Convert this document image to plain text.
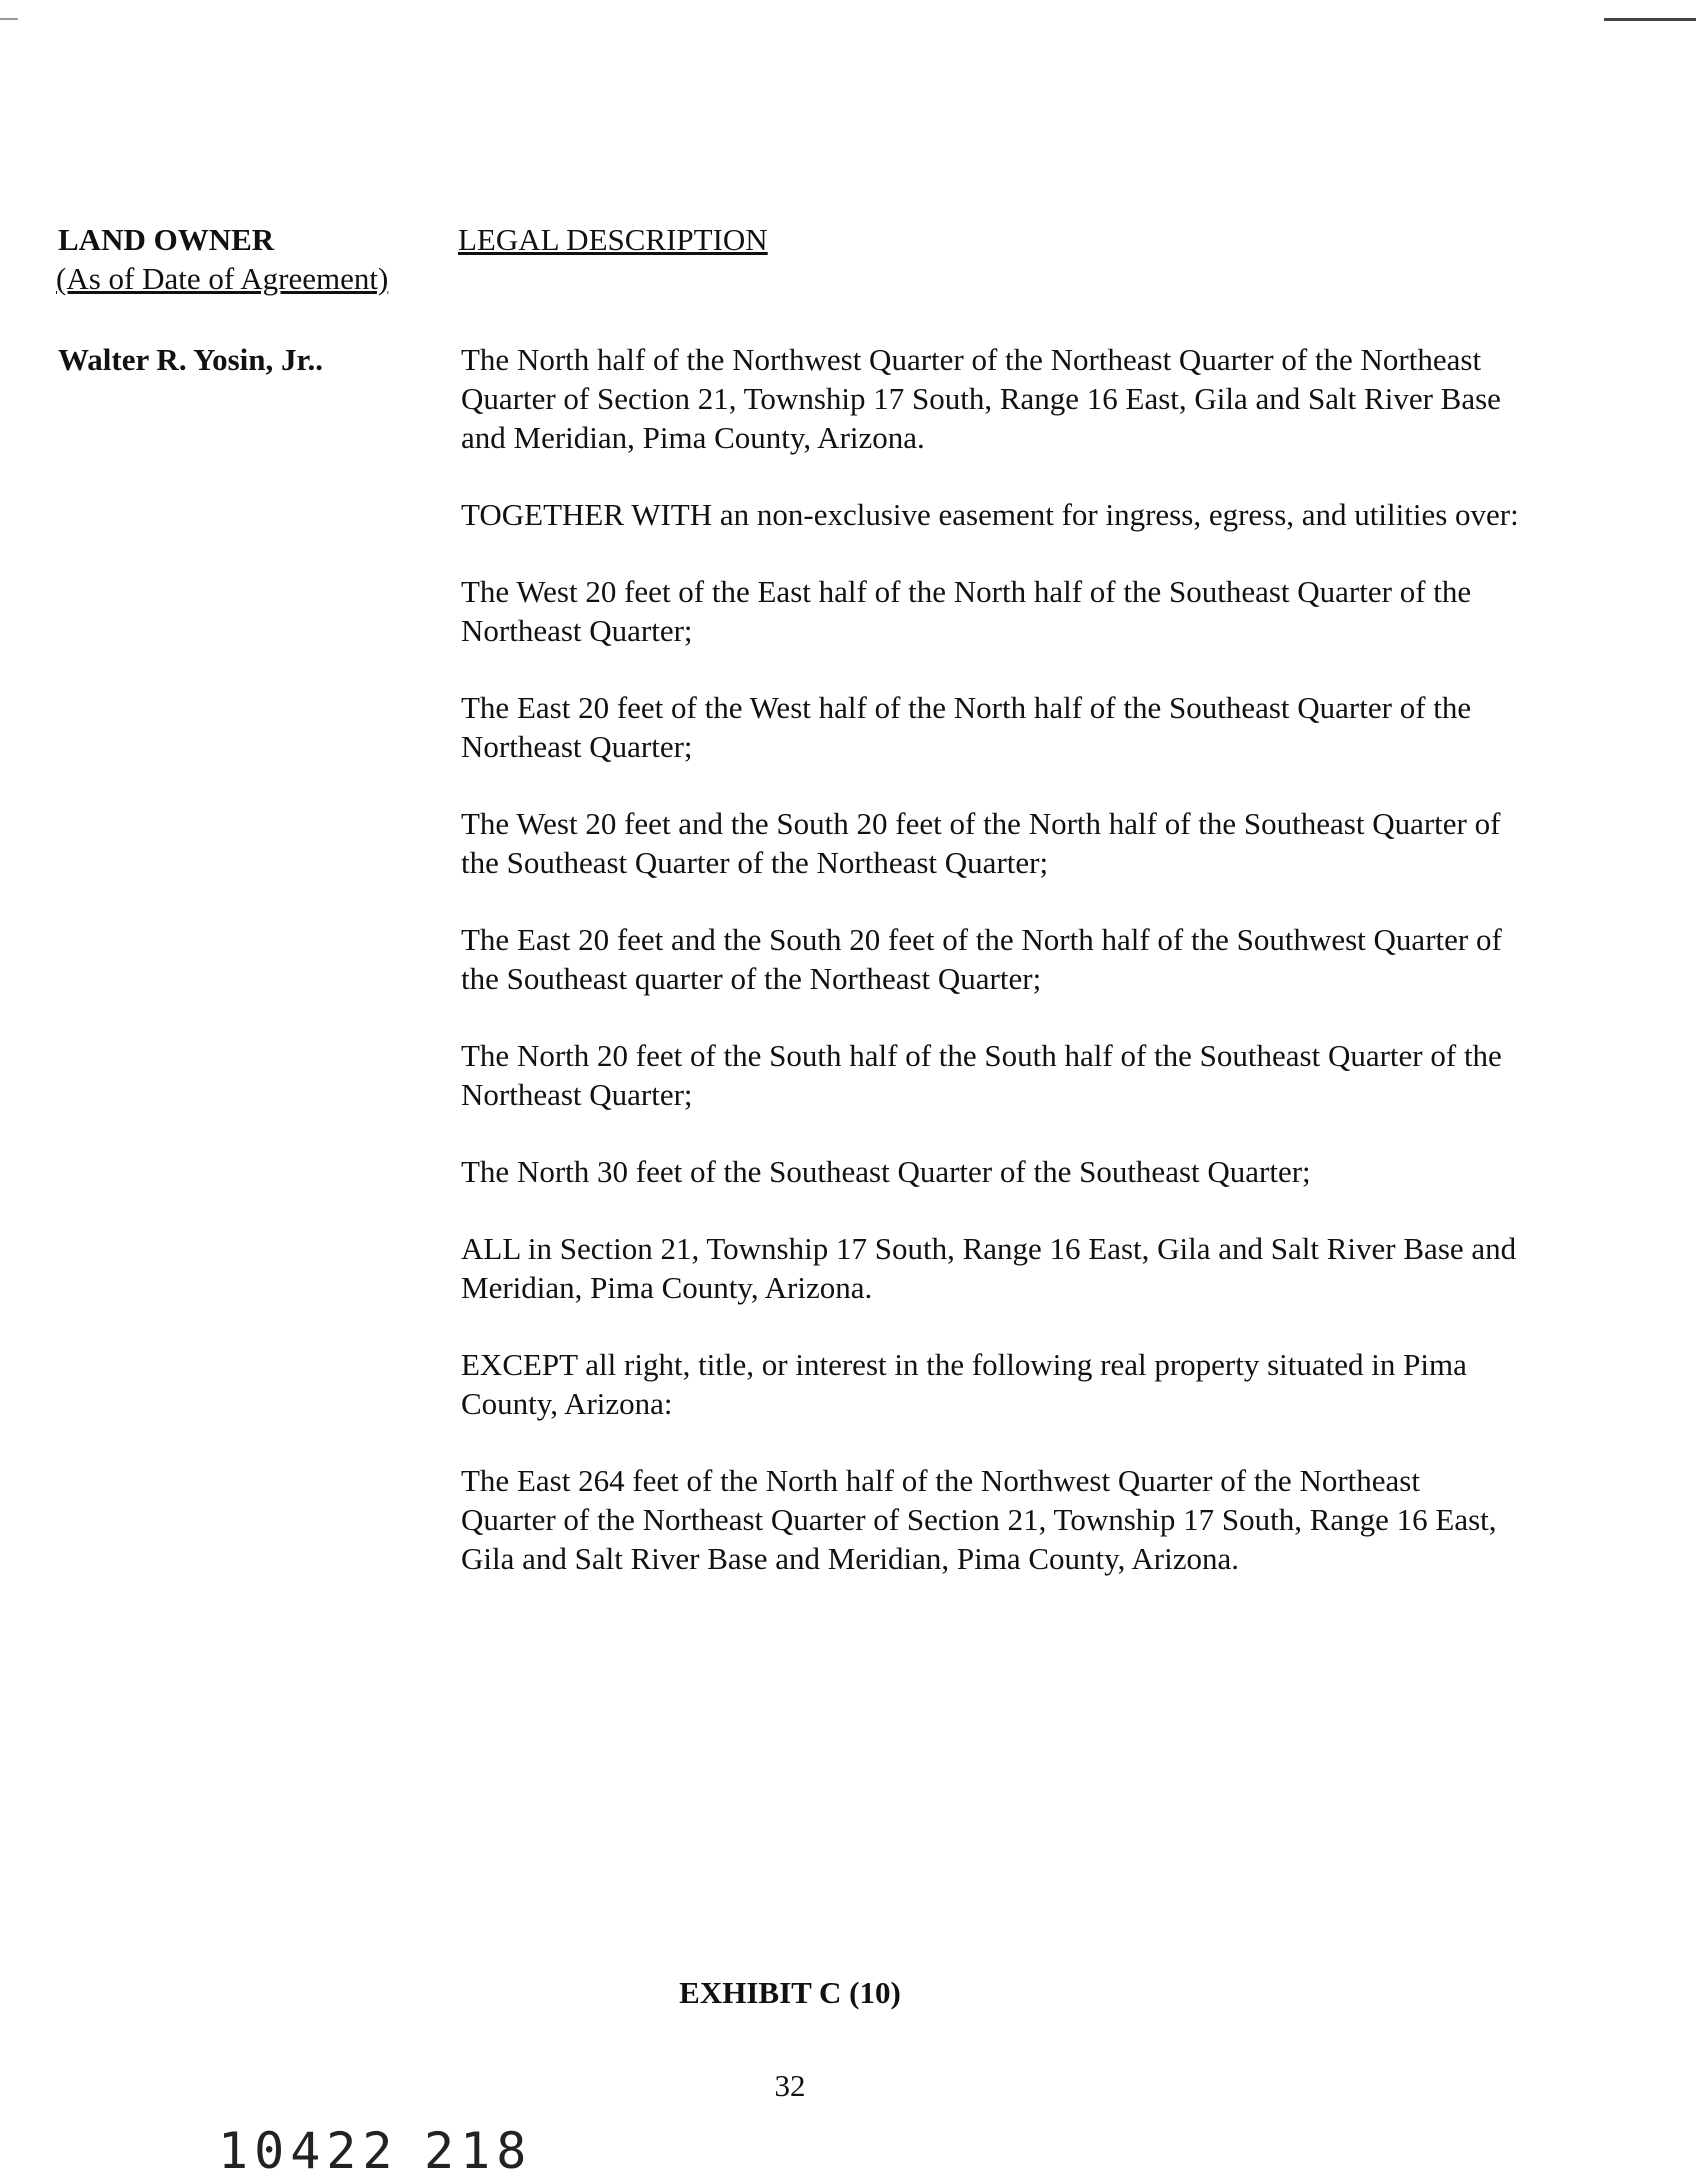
LAND OWNER
(As of Date of Agreement)
LEGAL DESCRIPTION
Walter R. Yosin, Jr..	The North half of the Northwest Quarter of the Northeast Quarter of the Northeast Quarter of Section 21, Township 17 South, Range 16 East, Gila and Salt River Base and Meridian, Pima County, Arizona.

TOGETHER WITH an non-exclusive easement for ingress, egress, and utilities over:

The West 20 feet of the East half of the North half of the Southeast Quarter of the Northeast Quarter;

The East 20 feet of the West half of the North half of the Southeast Quarter of the Northeast Quarter;

The West 20 feet and the South 20 feet of the North half of the Southeast Quarter of the Southeast Quarter of the Northeast Quarter;

The East 20 feet and the South 20 feet of the North half of the Southwest Quarter of the Southeast quarter of the Northeast Quarter;

The North 20 feet of the South half of the South half of the Southeast Quarter of the Northeast Quarter;

The North 30 feet of the Southeast Quarter of the Southeast Quarter;

ALL in Section 21, Township 17 South, Range 16 East, Gila and Salt River Base and Meridian, Pima County, Arizona.

EXCEPT all right, title, or interest in the following real property situated in Pima County, Arizona:

The East 264 feet of the North half of the Northwest Quarter of the Northeast Quarter of the Northeast Quarter of Section 21, Township 17 South, Range 16 East, Gila and Salt River Base and Meridian, Pima County, Arizona.

EXHIBIT C (10)
32
10422 218
